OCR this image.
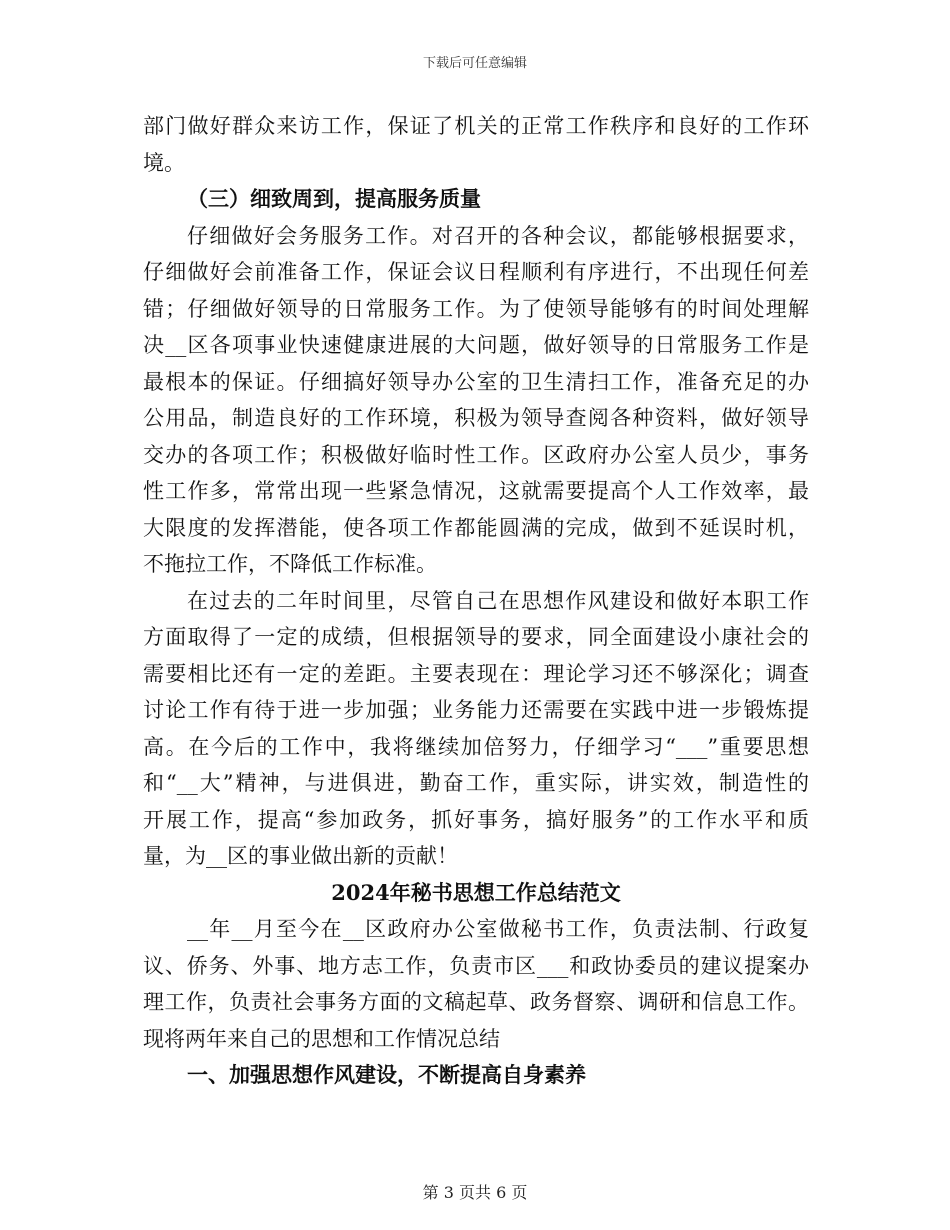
下载后可任意编辑
部门做好群众来访工作，保证了机关的正常工作秩序和良好的工作环
境。
（三）细致周到，提高服务质量
仔细做好会务服务工作。对召开的各种会议，都能够根据要求，
仔细做好会前准备工作，保证会议日程顺利有序进行，不出现任何差
错；仔细做好领导的日常服务工作。为了使领导能够有的时间处理解
决__区各项事业快速健康进展的大问题，做好领导的日常服务工作是
最根本的保证。仔细搞好领导办公室的卫生清扫工作，准备充足的办
公用品，制造良好的工作环境，积极为领导查阅各种资料，做好领导
交办的各项工作；积极做好临时性工作。区政府办公室人员少，事务
性工作多，常常出现一些紧急情况，这就需要提高个人工作效率，最
大限度的发挥潜能，使各项工作都能圆满的完成，做到不延误时机，
不拖拉工作，不降低工作标准。
在过去的二年时间里，尽管自己在思想作风建设和做好本职工作
方面取得了一定的成绩，但根据领导的要求，同全面建设小康社会的
需要相比还有一定的差距。主要表现在：理论学习还不够深化；调查
讨论工作有待于进一步加强；业务能力还需要在实践中进一步锻炼提
高。在今后的工作中，我将继续加倍努力，仔细学习“___”重要思想
和“__大”精神，与进俱进，勤奋工作，重实际，讲实效，制造性的
开展工作，提高“参加政务，抓好事务，搞好服务”的工作水平和质
量，为__区的事业做出新的贡献！
2024年秘书思想工作总结范文
__年__月至今在__区政府办公室做秘书工作，负责法制、行政复
议、侨务、外事、地方志工作，负责市区___和政协委员的建议提案办
理工作，负责社会事务方面的文稿起草、政务督察、调研和信息工作。
现将两年来自己的思想和工作情况总结
一、加强思想作风建设，不断提高自身素养
第 3 页共 6 页
